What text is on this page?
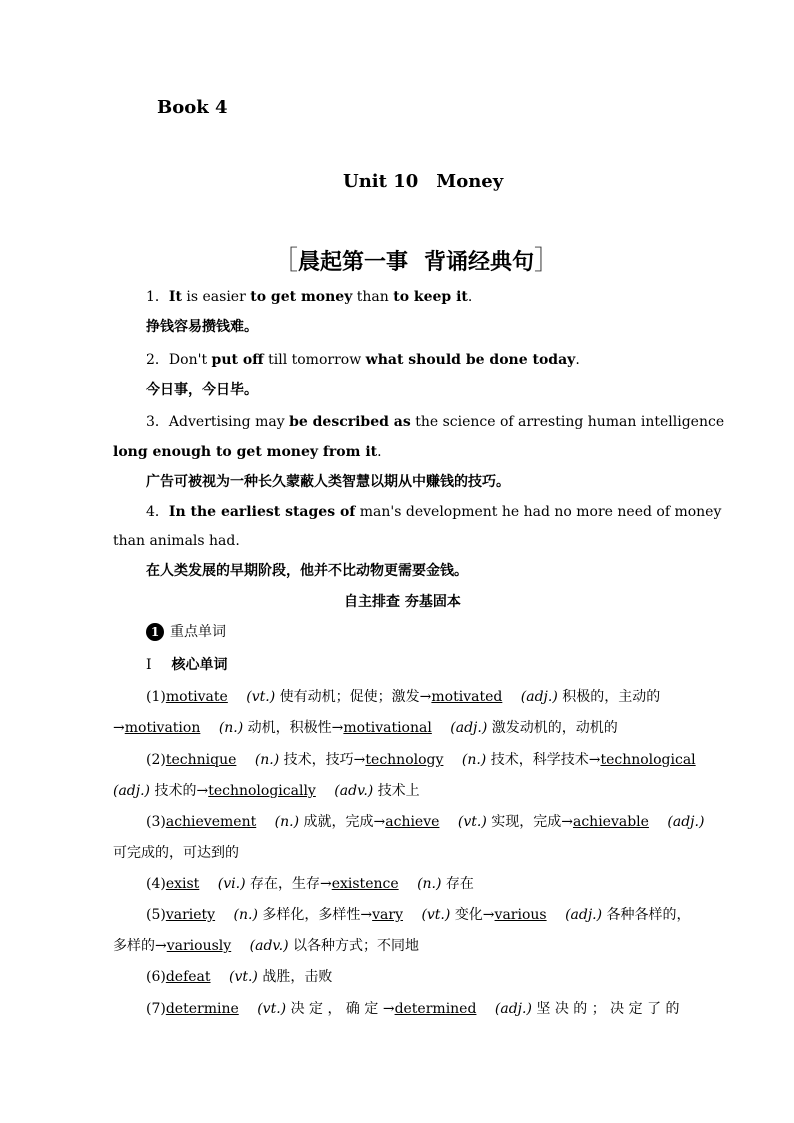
Book 4
Unit 10 Money
［晨起第一事 背诵经典句］
1．It is easier to get money than to keep it.
挣钱容易攒钱难。
2．Don't put off till tomorrow what should be done today.
今日事，今日毕。
3．Advertising may be described as the science of arresting human intelligence
long enough to get money from it.
广告可被视为一种长久蒙蔽人类智慧以期从中赚钱的技巧。
4．In the earliest stages of man's development he had no more need of money
than animals had.
在人类发展的早期阶段，他并不比动物更需要金钱。
自主排查 夯基固本
1 重点单词
Ⅰ 核心单词
(1)motivate (vt.) 使有动机；促使；激发→motivated (adj.) 积极的，主动的
→motivation (n.) 动机，积极性→motivational (adj.) 激发动机的，动机的
(2)technique (n.) 技术，技巧→technology (n.) 技术，科学技术→technological
(adj.) 技术的→technologically (adv.) 技术上
(3)achievement (n.) 成就，完成→achieve (vt.) 实现，完成→achievable (adj.)
可完成的，可达到的
(4)exist (vi.) 存在，生存→existence (n.) 存在
(5)variety (n.) 多样化，多样性→vary (vt.) 变化→various (adj.) 各种各样的，
多样的→variously (adv.) 以各种方式；不同地
(6)defeat (vt.) 战胜，击败
(7)determine (vt.) 决 定 ， 确 定 →determined (adj.) 坚 决 的 ； 决 定 了 的
